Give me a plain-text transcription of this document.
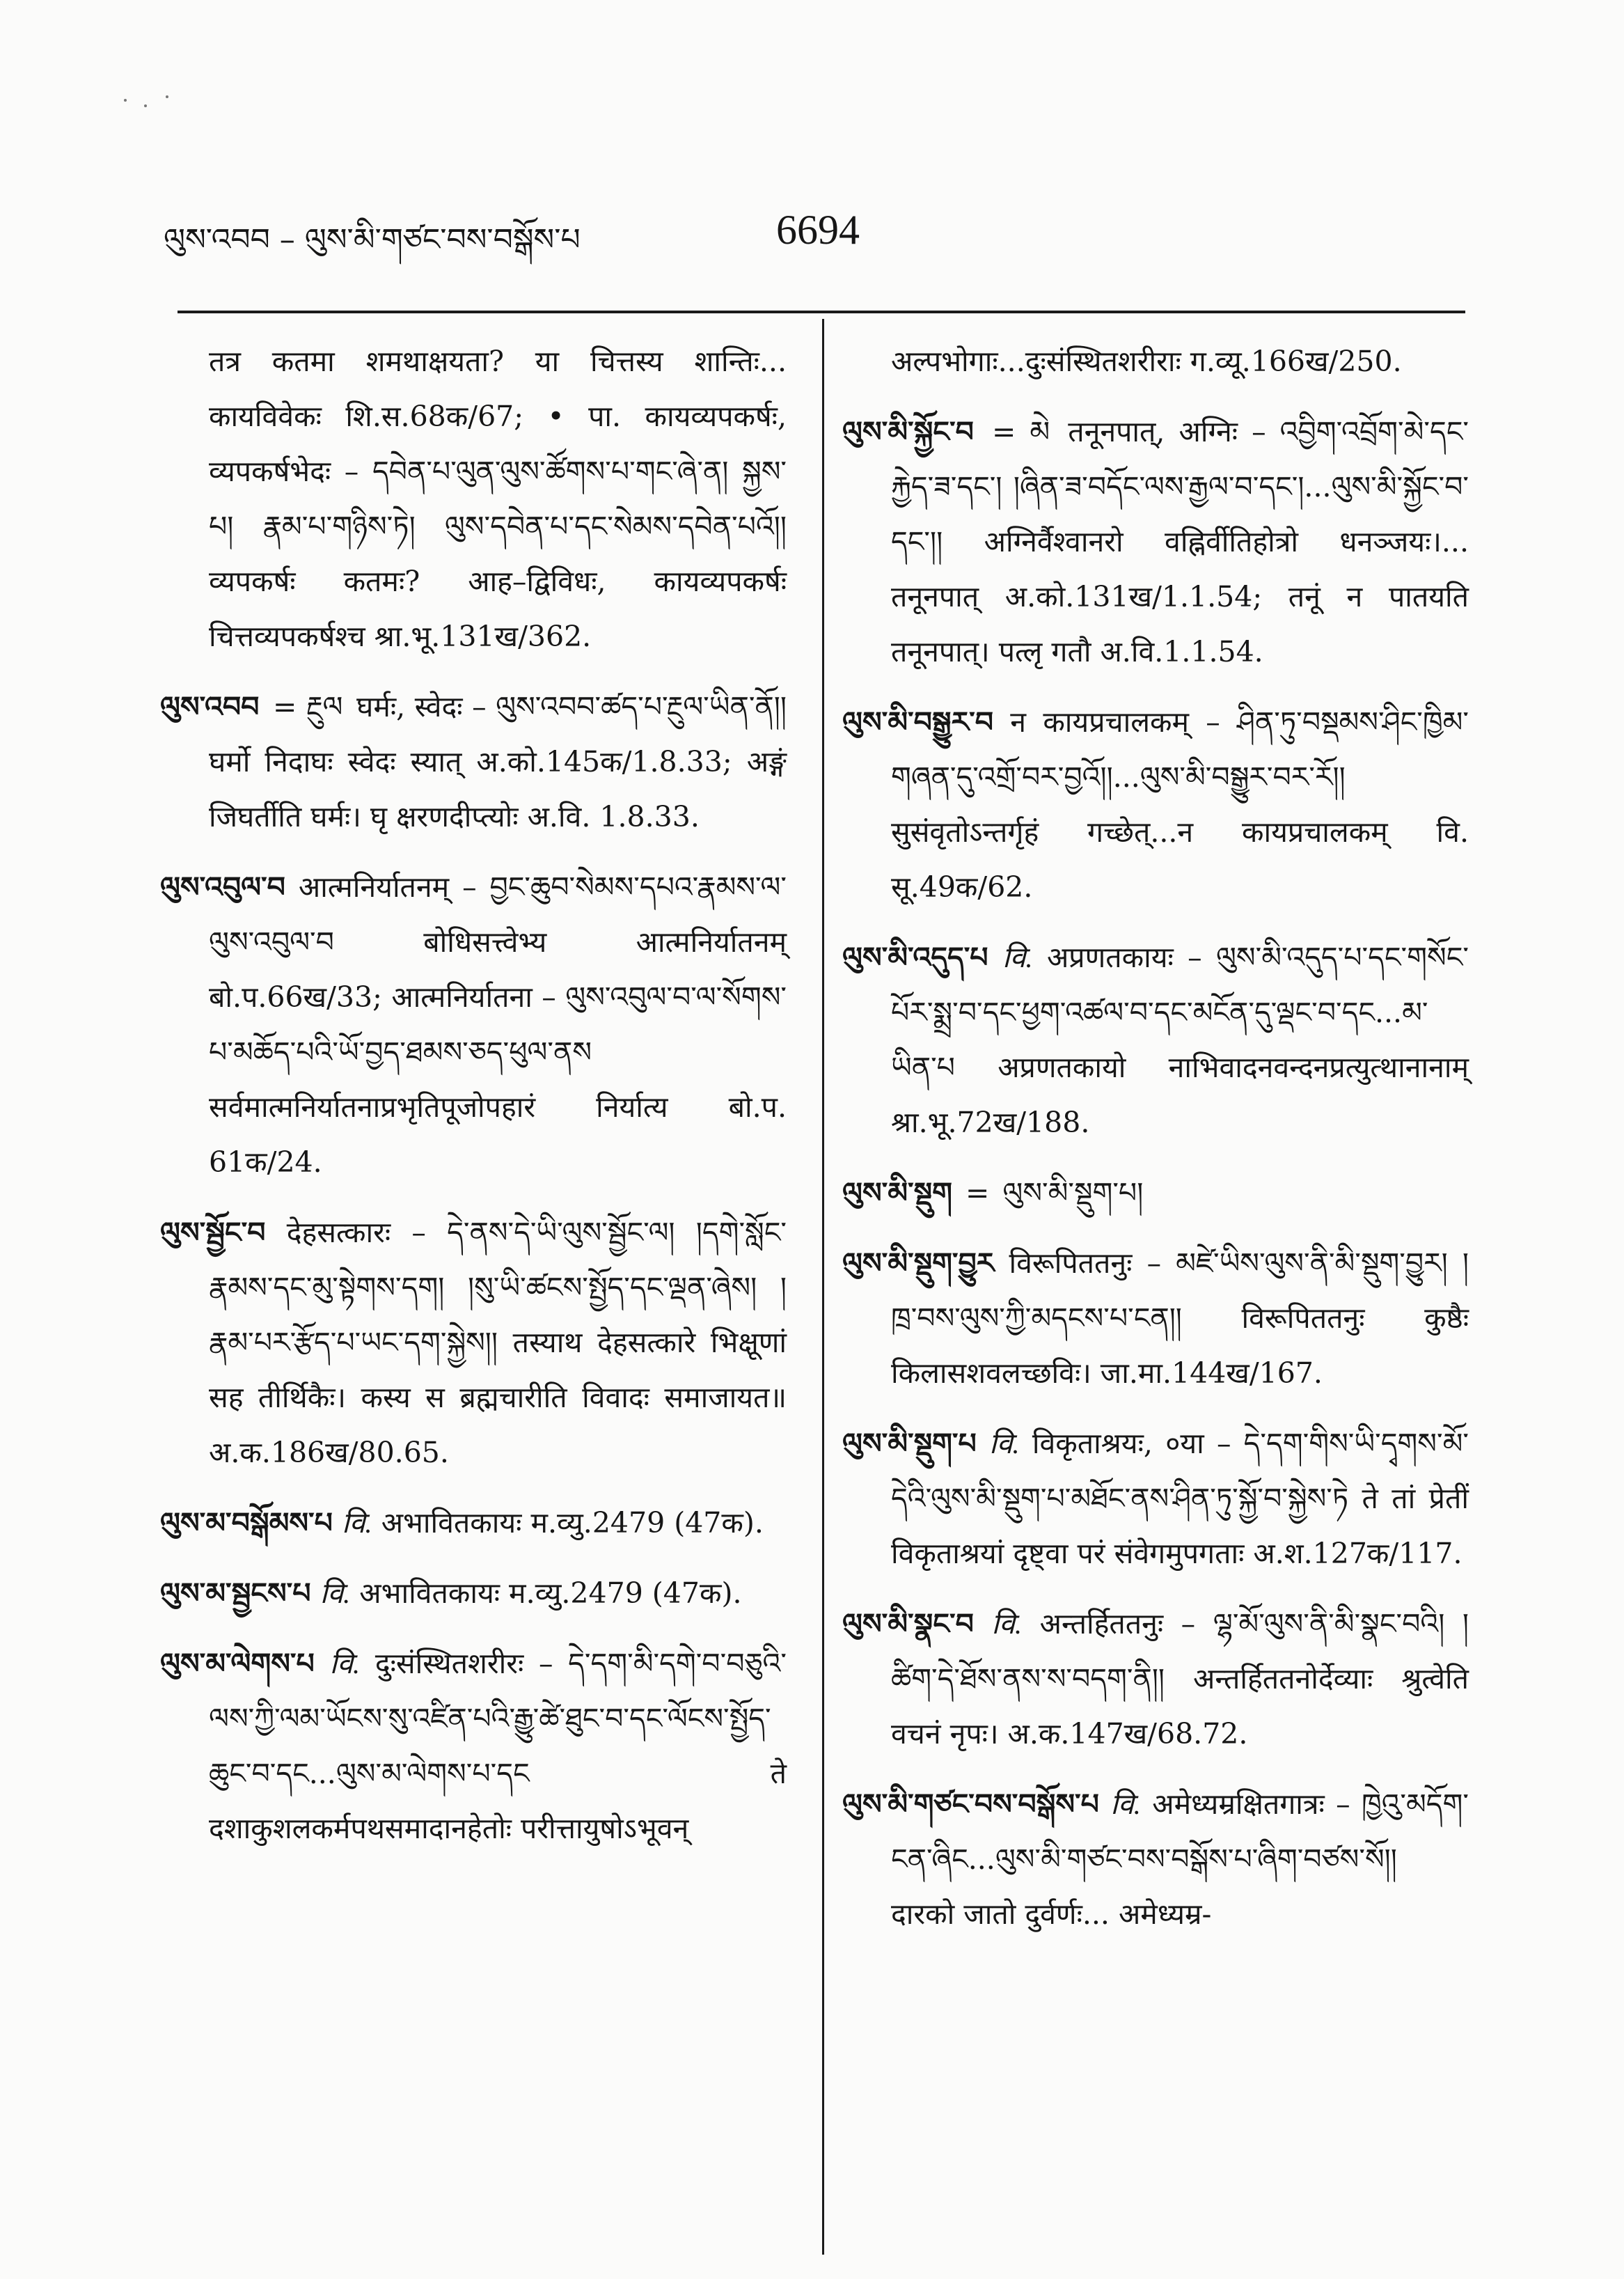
ལུས་འབབ – ལུས་མི་གཙང་བས་བསྒོས་པ	6694

तत्र कतमा शमथाक्षयता? या चित्तस्य शान्तिः... कायविवेकः शि.स.68क/67; • पा. कायव्यपकर्षः, व्यपकर्षभेदः – དབེན་པ་ལུན་ལུས་ཚོགས་པ་གང་ཞེ་ན། སྐྱས་པ། རྣམ་པ་གཉིས་ཏེ། ལུས་དབེན་པ་དང་སེམས་དབེན་པའོ།། व्यपकर्षः कतमः? आह–द्विविधः, कायव्यपकर्षः चित्तव्यपकर्षश्च श्रा.भू.131ख/362.

ལུས་འབབ = རྔུལ घर्मः, स्वेदः – ལུས་འབབ་ཚད་པ་རྔུལ་ཡིན་ནོ།། घर्मो निदाघः स्वेदः स्यात् अ.को.145क/1.8.33; अङ्गं जिघर्तीति घर्मः। घृ क्षरणदीप्त्योः अ.वि. 1.8.33.

ལུས་འབུལ་བ आत्मनिर्यातनम् – བྱང་ཆུབ་སེམས་དཔའ་རྣམས་ལ་ལུས་འབུལ་བ बोधिसत्त्वेभ्य आत्मनिर्यातनम् बो.प.66ख/33; आत्मनिर्यातना – ལུས་འབུལ་བ་ལ་སོགས་པ་མཆོད་པའི་ཡོ་བྱད་ཐམས་ཅད་ཕུལ་ནས सर्वमात्मनिर्यातनाप्रभृतिपूजोपहारं निर्यात्य बो.प. 61क/24.

ལུས་སྦྱོང་བ देहसत्कारः – དེ་ནས་དེ་ཡི་ལུས་སྦྱོང་ལ། །དགེ་སློང་རྣམས་དང་མུ་སྟེགས་དག། །སུ་ཡི་ཚངས་སྤྱོད་དང་ལྡན་ཞེས། །རྣམ་པར་རྩོད་པ་ཡང་དག་སྐྱེས།། तस्याथ देहसत्कारे भिक्षूणां सह तीर्थिकैः। कस्य स ब्रह्मचारीति विवादः समाजायत॥ अ.क.186ख/80.65.

ལུས་མ་བསྒོམས་པ वि. अभावितकायः म.व्यु.2479 (47क).

ལུས་མ་སྦྱངས་པ वि. अभावितकायः म.व्यु.2479 (47क).

ལུས་མ་ལེགས་པ वि. दुःसंस्थितशरीरः – དེ་དག་མི་དགེ་བ་བཅུའི་ལས་ཀྱི་ལམ་ཡོངས་སུ་འཛིན་པའི་རྒྱུ་ཚེ་ཐུང་བ་དང་ལོངས་སྤྱོད་ཆུང་བ་དང...ལུས་མ་ལེགས་པ་དང ते दशाकुशलकर्मपथसमादानहेतोः परीत्तायुषोऽभूवन्

अल्पभोगाः...दुःसंस्थितशरीराः ग.व्यू.166ख/250.

ལུས་མི་སྐྱོང་བ = མེ तनूनपात्, अग्निः – འབྱིག་འབྲོག་མེ་དང་རྐྱེད་ཟ་དང་། །ཞིན་ཟ་བདོང་ལས་རྒྱལ་བ་དང་།...ལུས་མི་སྐྱོང་བ་དང་།། अग्निर्वैश्वानरो वह्निर्वीतिहोत्रो धनञ्जयः।... तनूनपात् अ.को.131ख/1.1.54; तनूं न पातयति तनूनपात्। पत्लृ गतौ अ.वि.1.1.54.

ལུས་མི་བསྒྱུར་བ न कायप्रचालकम् – ཤིན་ཏུ་བསྡམས་ཤིང་ཁྱིམ་གཞན་དུ་འགྲོ་བར་བྱའོ།།...ལུས་མི་བསྒྱུར་བར་རོ།། सुसंवृतोऽन्तर्गृहं गच्छेत्...न कायप्रचालकम् वि. सू.49क/62.

ལུས་མི་འདུད་པ वि. अप्रणतकायः – ལུས་མི་འདུད་པ་དང་གསོང་པོར་སྨྲ་བ་དང་ཕྱག་འཚལ་བ་དང་མངོན་དུ་ལྡང་བ་དང...མ་ཡིན་པ अप्रणतकायो नाभिवादनवन्दनप्रत्युत्थानानाम् श्रा.भू.72ख/188.

ལུས་མི་སྡུག = ལུས་མི་སྡུག་པ།

ལུས་མི་སྡུག་བྱུར विरूपिततनुः – མཛེ་ཡིས་ལུས་ནི་མི་སྡུག་བྱུར། །ཁྲ་བས་ལུས་ཀྱི་མདངས་པ་ངན།། विरूपिततनुः कुष्ठैः किलासशवलच्छविः। जा.मा.144ख/167.

ལུས་མི་སྡུག་པ वि. विकृताश्रयः, ०या – དེ་དག་གིས་ཡི་དྭགས་མོ་དེའི་ལུས་མི་སྡུག་པ་མཐོང་ནས་ཤིན་ཏུ་སྐྱོ་བ་སྐྱེས་ཏེ ते तां प्रेतीं विकृताश्रयां दृष्ट्वा परं संवेगमुपगताः अ.श.127क/117.

ལུས་མི་སྣང་བ वि. अन्तर्हिततनुः – ལྷ་མོ་ལུས་ནི་མི་སྣང་བའི། །ཚིག་དེ་ཐོས་ནས་ས་བདག་ནི།། अन्तर्हिततनोर्देव्याः श्रुत्वेति वचनं नृपः। अ.क.147ख/68.72.

ལུས་མི་གཙང་བས་བསྒོས་པ वि. अमेध्यम्रक्षितगात्रः – ཁྱེའུ་མདོག་ངན་ཞིང...ལུས་མི་གཙང་བས་བསྒོས་པ་ཞིག་བཙས་སོ།། दारको जातो दुर्वर्णः... अमेध्यम्र-
